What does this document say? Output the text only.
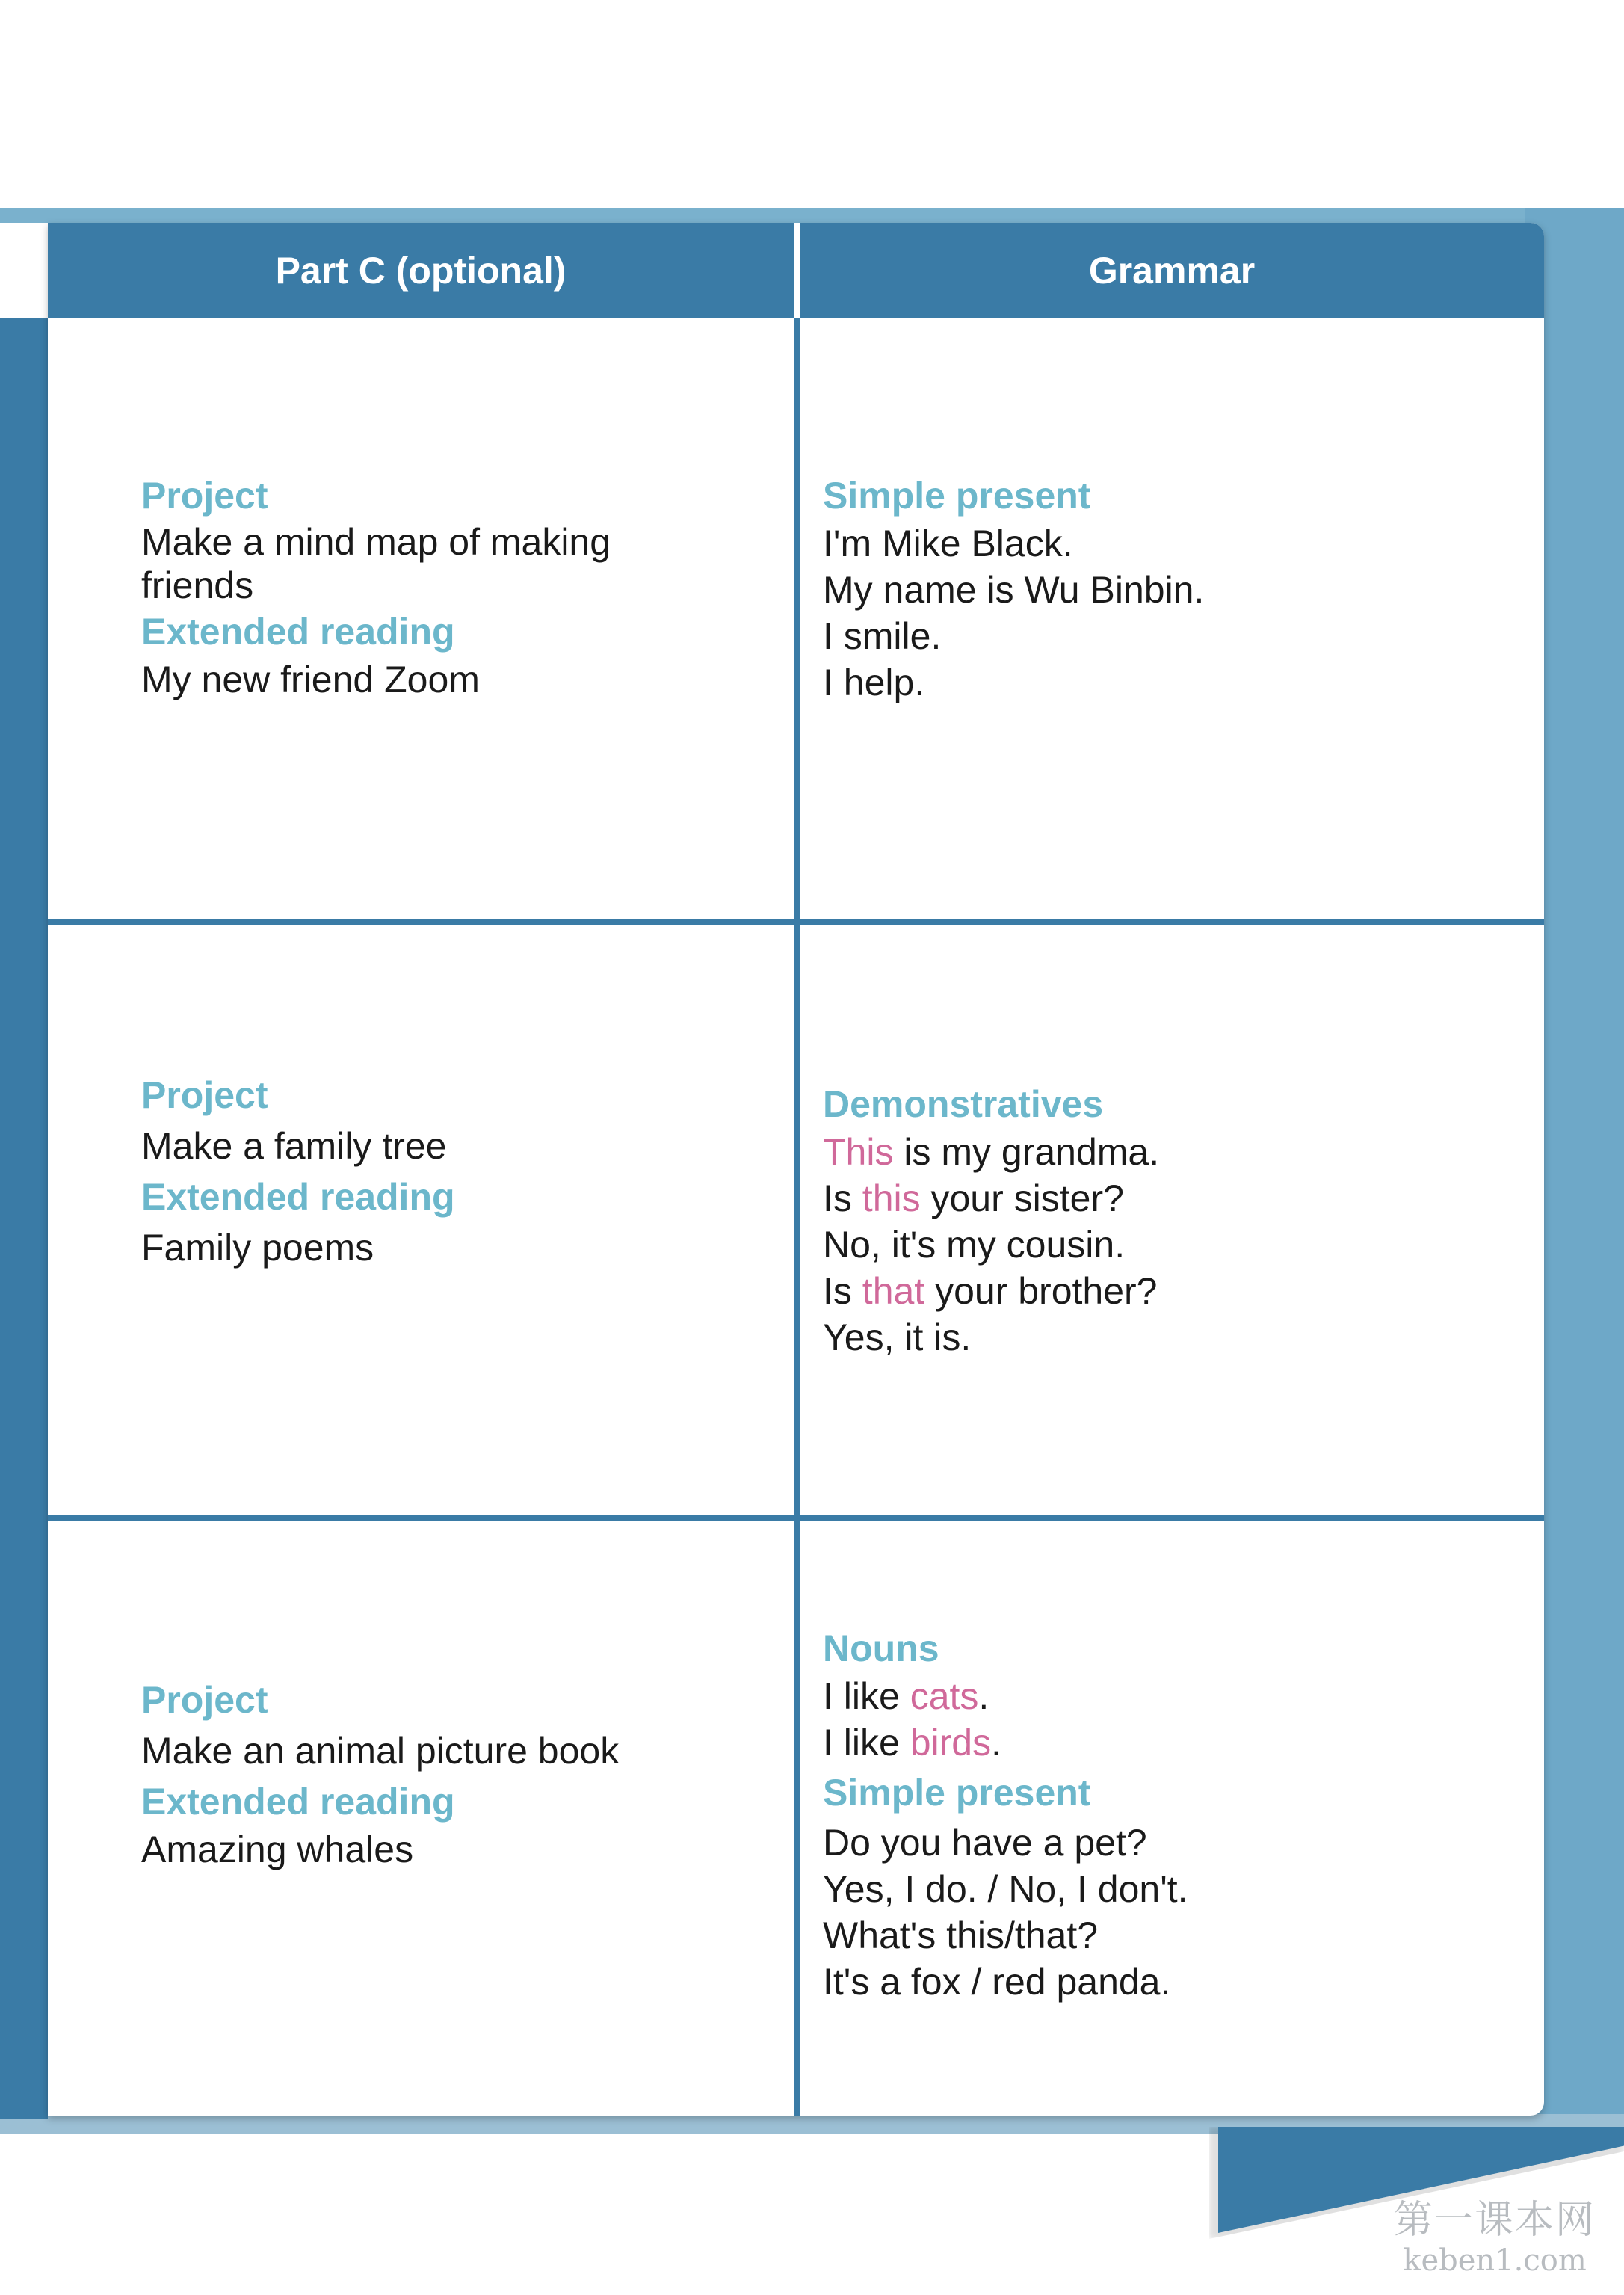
Part C (optional)	Grammar
Project
Make a mind map of making
friends
Extended reading
My new friend Zoom
Simple present
I'm Mike Black.
My name is Wu Binbin.
I smile.
I help.
Project
Make a family tree
Extended reading
Family poems
Demonstratives
This is my grandma.
Is this your sister?
No, it's my cousin.
Is that your brother?
Yes, it is.
Project
Make an animal picture book
Extended reading
Amazing whales
Nouns
I like cats.
I like birds.
Simple present
Do you have a pet?
Yes, I do. / No, I don't.
What's this/that?
It's a fox / red panda.
第一课本网
keben1.com
